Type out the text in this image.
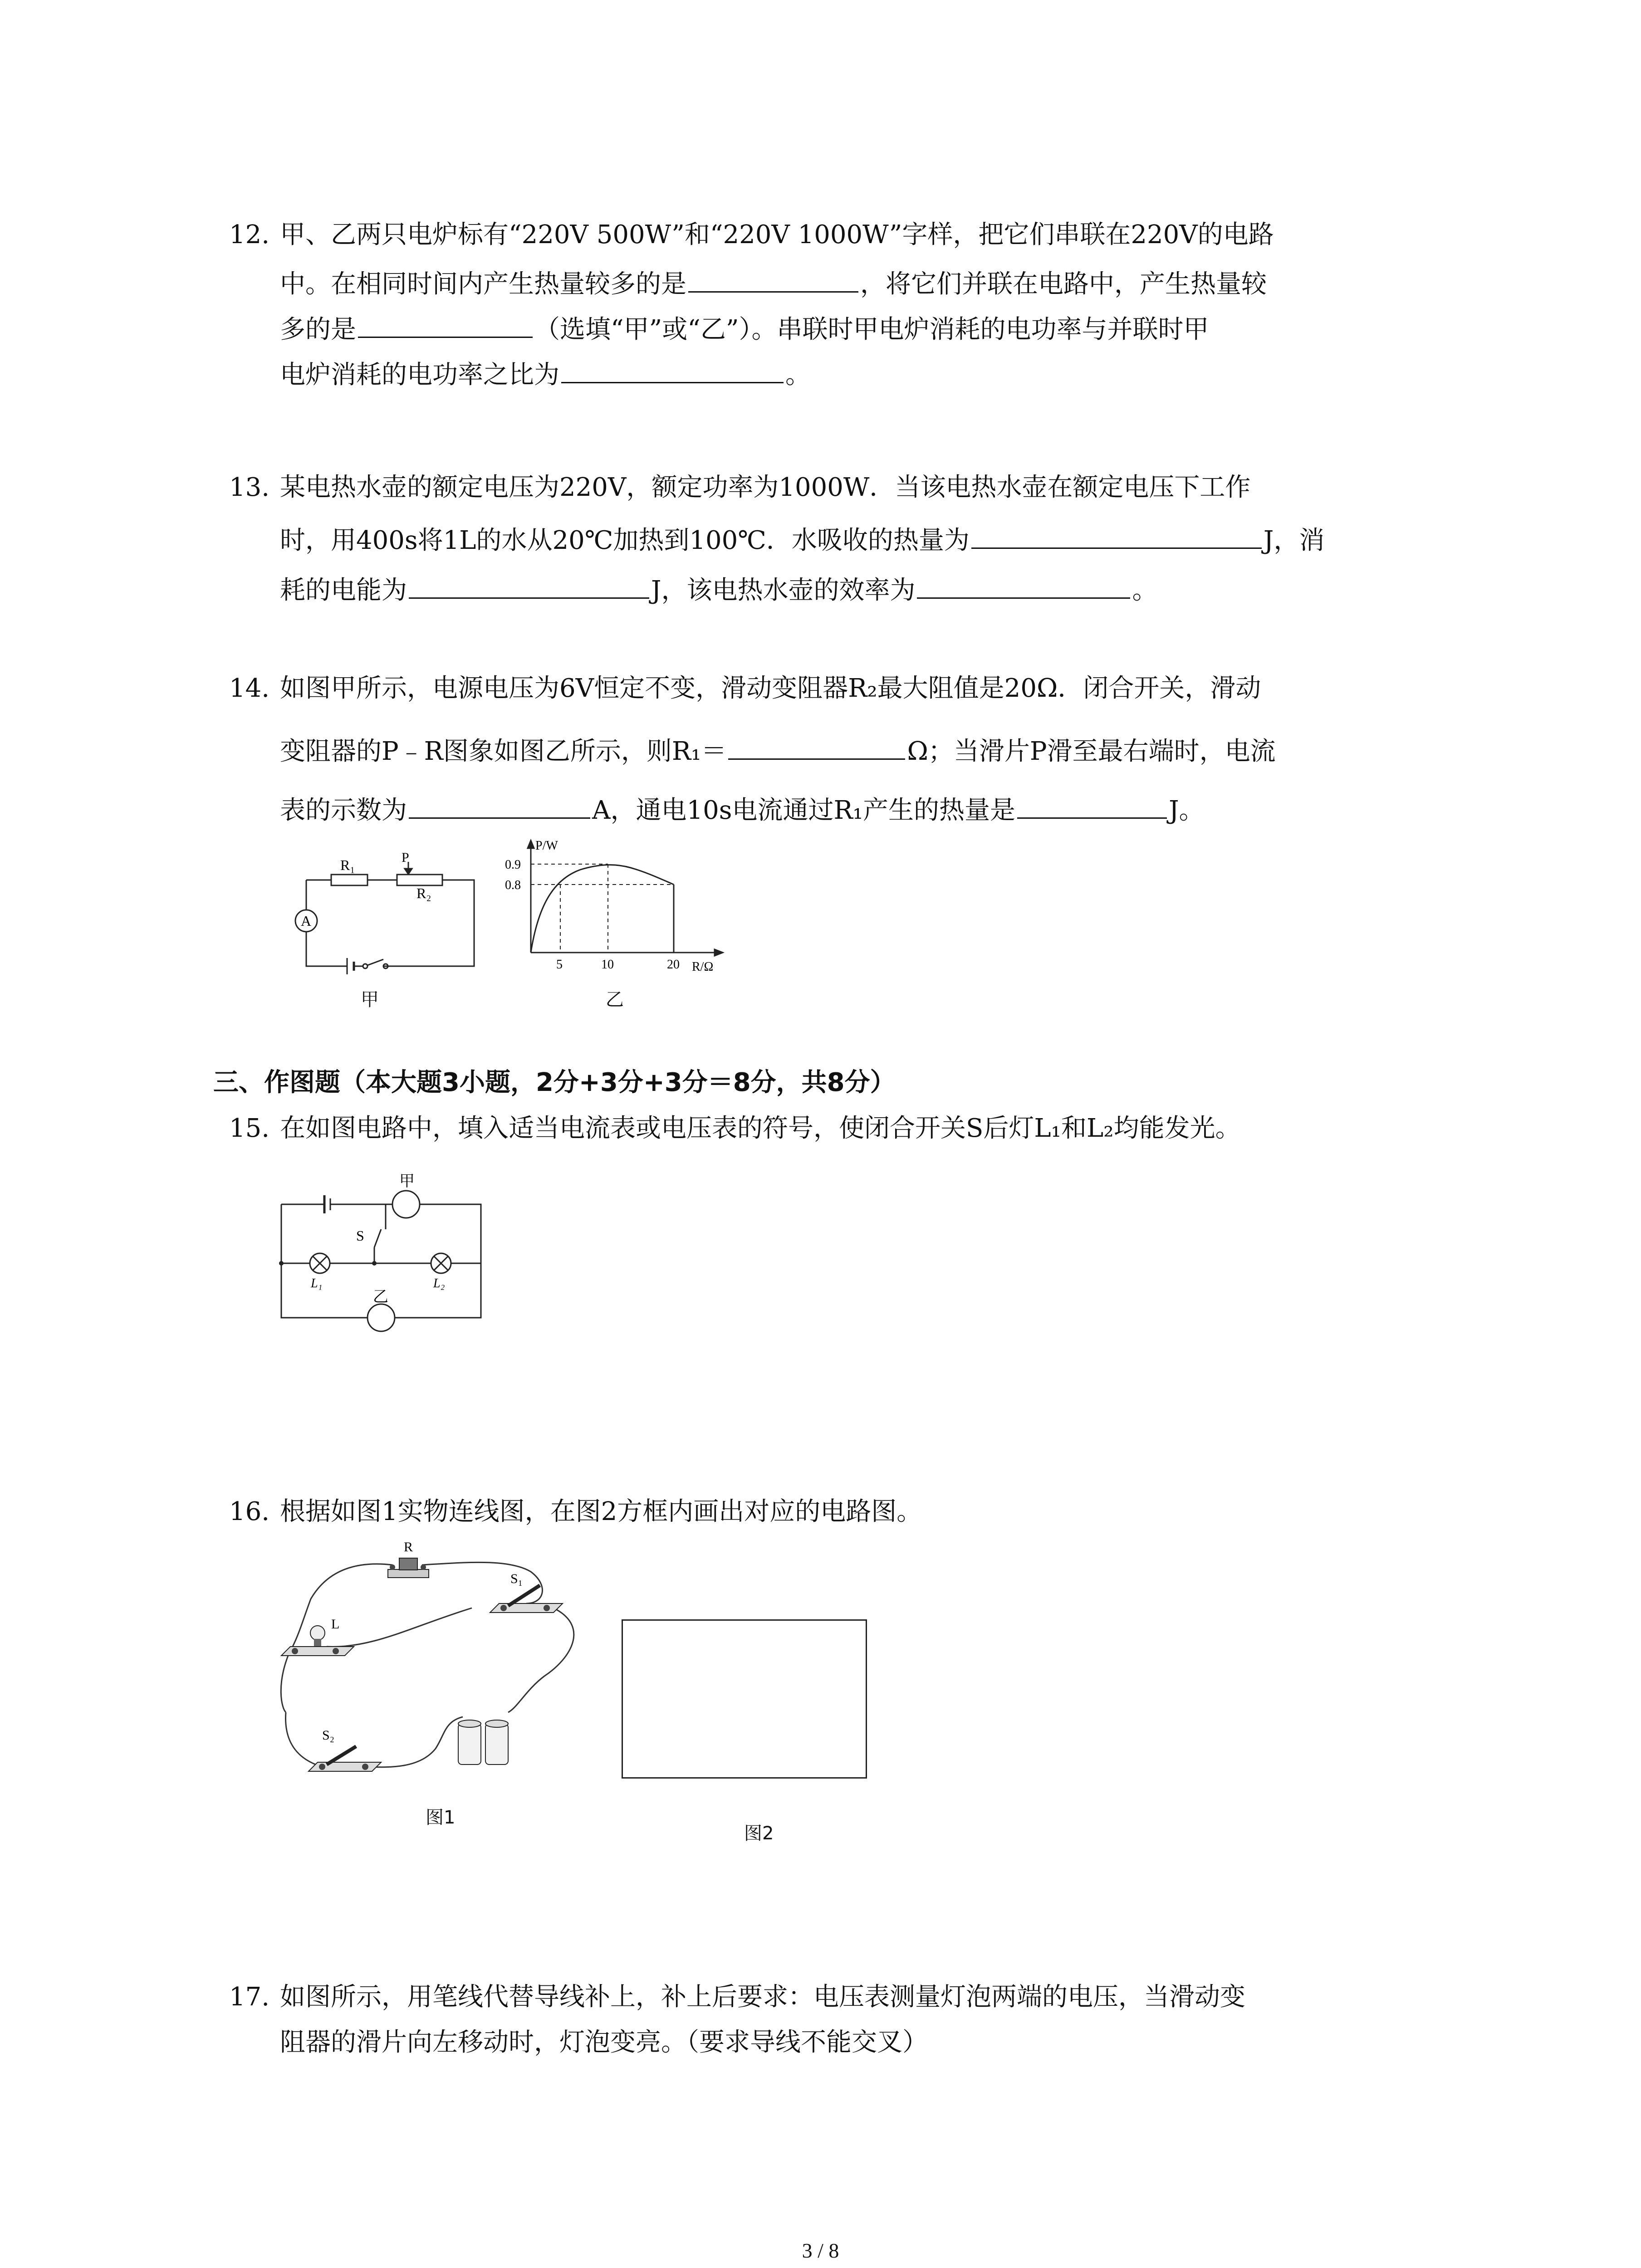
12. 甲、乙两只电炉标有“220V 500W”和“220V 1000W”字样，把它们串联在220V的电路
中。在相同时间内产生热量较多的是	，将它们并联在电路中，产生热量较
多的是	（选填“甲”或“乙”）。串联时甲电炉消耗的电功率与并联时甲
电炉消耗的电功率之比为	。
13. 某电热水壶的额定电压为220V，额定功率为1000W．当该电热水壶在额定电压下工作
时，用400s将1L的水从20℃加热到100℃．水吸收的热量为	J，消
耗的电能为	J，该电热水壶的效率为	。
14. 如图甲所示，电源电压为6V恒定不变，滑动变阻器R₂最大阻值是20Ω．闭合开关，滑动
变阻器的P﹣R图象如图乙所示，则R₁＝	Ω；当滑片P滑至最右端时，电流
表的示数为	A，通电10s电流通过R₁产生的热量是	J。
R₁	P
R₂
A
甲
P/W
0.9
0.8
5	10	20 R/Ω
乙
三、作图题（本大题3小题，2分+3分+3分＝8分，共8分）
15. 在如图电路中，填入适当电流表或电压表的符号，使闭合开关S后灯L₁和L₂均能发光。
甲
S
L₁	L₂
乙
16. 根据如图1实物连线图，在图2方框内画出对应的电路图。
R
S₁
L
S₂
图1
图2
17. 如图所示，用笔线代替导线补上，补上后要求：电压表测量灯泡两端的电压，当滑动变
阻器的滑片向左移动时，灯泡变亮。（要求导线不能交叉）
3 / 8
